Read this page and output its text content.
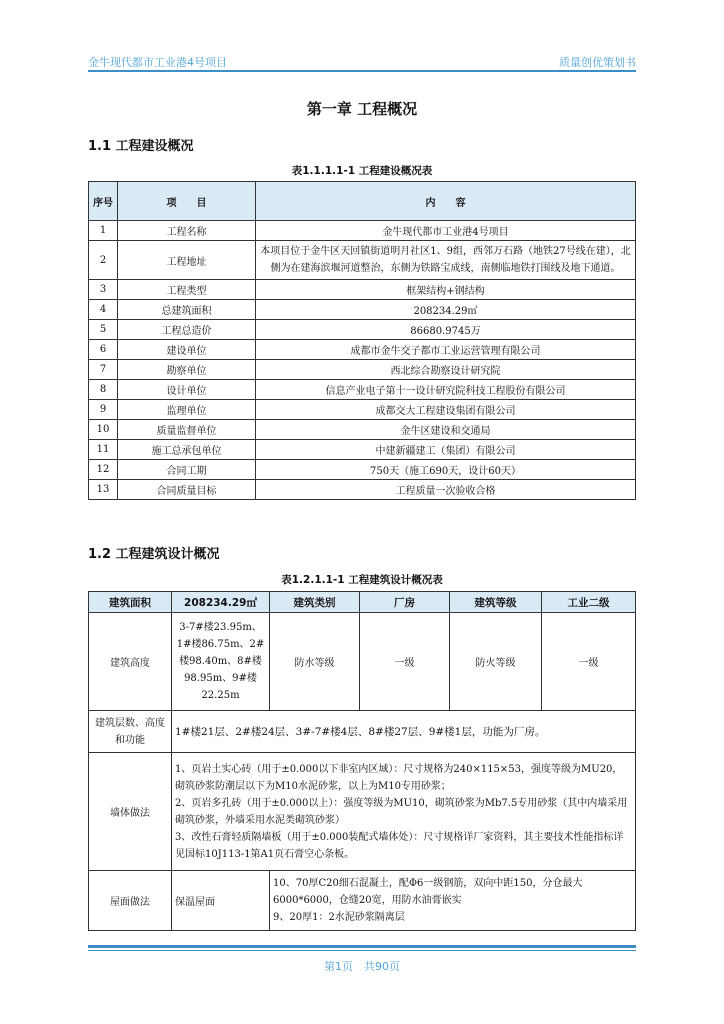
金牛现代都市工业港4号项目	质量创优策划书
第一章 工程概况
1.1 工程建设概况
表1.1.1.1-1 工程建设概况表
序号	项　　目	内　　容
1	工程名称	金牛现代都市工业港4号项目
2	工程地址	本项目位于金牛区天回镇街道明月社区1、9组，西邻万石路（地铁27号线在建），北侧为在建海滨堰河道整治，东侧为铁路宝成线，南侧临地铁打围线及地下通道。
3	工程类型	框架结构+钢结构
4	总建筑面积	208234.29㎡
5	工程总造价	86680.9745万
6	建设单位	成都市金牛交子都市工业运营管理有限公司
7	勘察单位	西北综合勘察设计研究院
8	设计单位	信息产业电子第十一设计研究院科技工程股份有限公司
9	监理单位	成都交大工程建设集团有限公司
10	质量监督单位	金牛区建设和交通局
11	施工总承包单位	中建新疆建工（集团）有限公司
12	合同工期	750天（施工690天，设计60天）
13	合同质量目标	工程质量一次验收合格
1.2 工程建筑设计概况
表1.2.1.1-1 工程建筑设计概况表
建筑面积	208234.29㎡	建筑类别	厂房	建筑等级	工业二级
建筑高度	3-7#楼23.95m、1#楼86.75m、2#楼98.40m、8#楼98.95m、9#楼22.25m	防水等级	一级	防火等级	一级
建筑层数、高度和功能	1#楼21层、2#楼24层、3#-7#楼4层、8#楼27层、9#楼1层，功能为厂房。				
墙体做法	1、页岩土实心砖（用于±0.000以下非室内区域）：尺寸规格为240×115×53，强度等级为MU20，砌筑砂浆防潮层以下为M10水泥砂浆，以上为M10专用砂浆；
2、页岩多孔砖（用于±0.000以上）：强度等级为MU10，砌筑砂浆为Mb7.5专用砂浆（其中内墙采用砌筑砂浆，外墙采用水泥类砌筑砂浆）
3、改性石膏轻质隔墙板（用于±0.000装配式墙体处）：尺寸规格详厂家资料，其主要技术性能指标详见国标10J113-1第A1页石膏空心条板。				

屋面做法	保温屋面	10、70厚C20细石混凝土，配Φ6一级钢筋，双向中距150，分仓最大6000*6000，仓缝20宽，用防水油膏嵌实
9、20厚1：2水泥砂浆隔离层			
第1页　共90页
